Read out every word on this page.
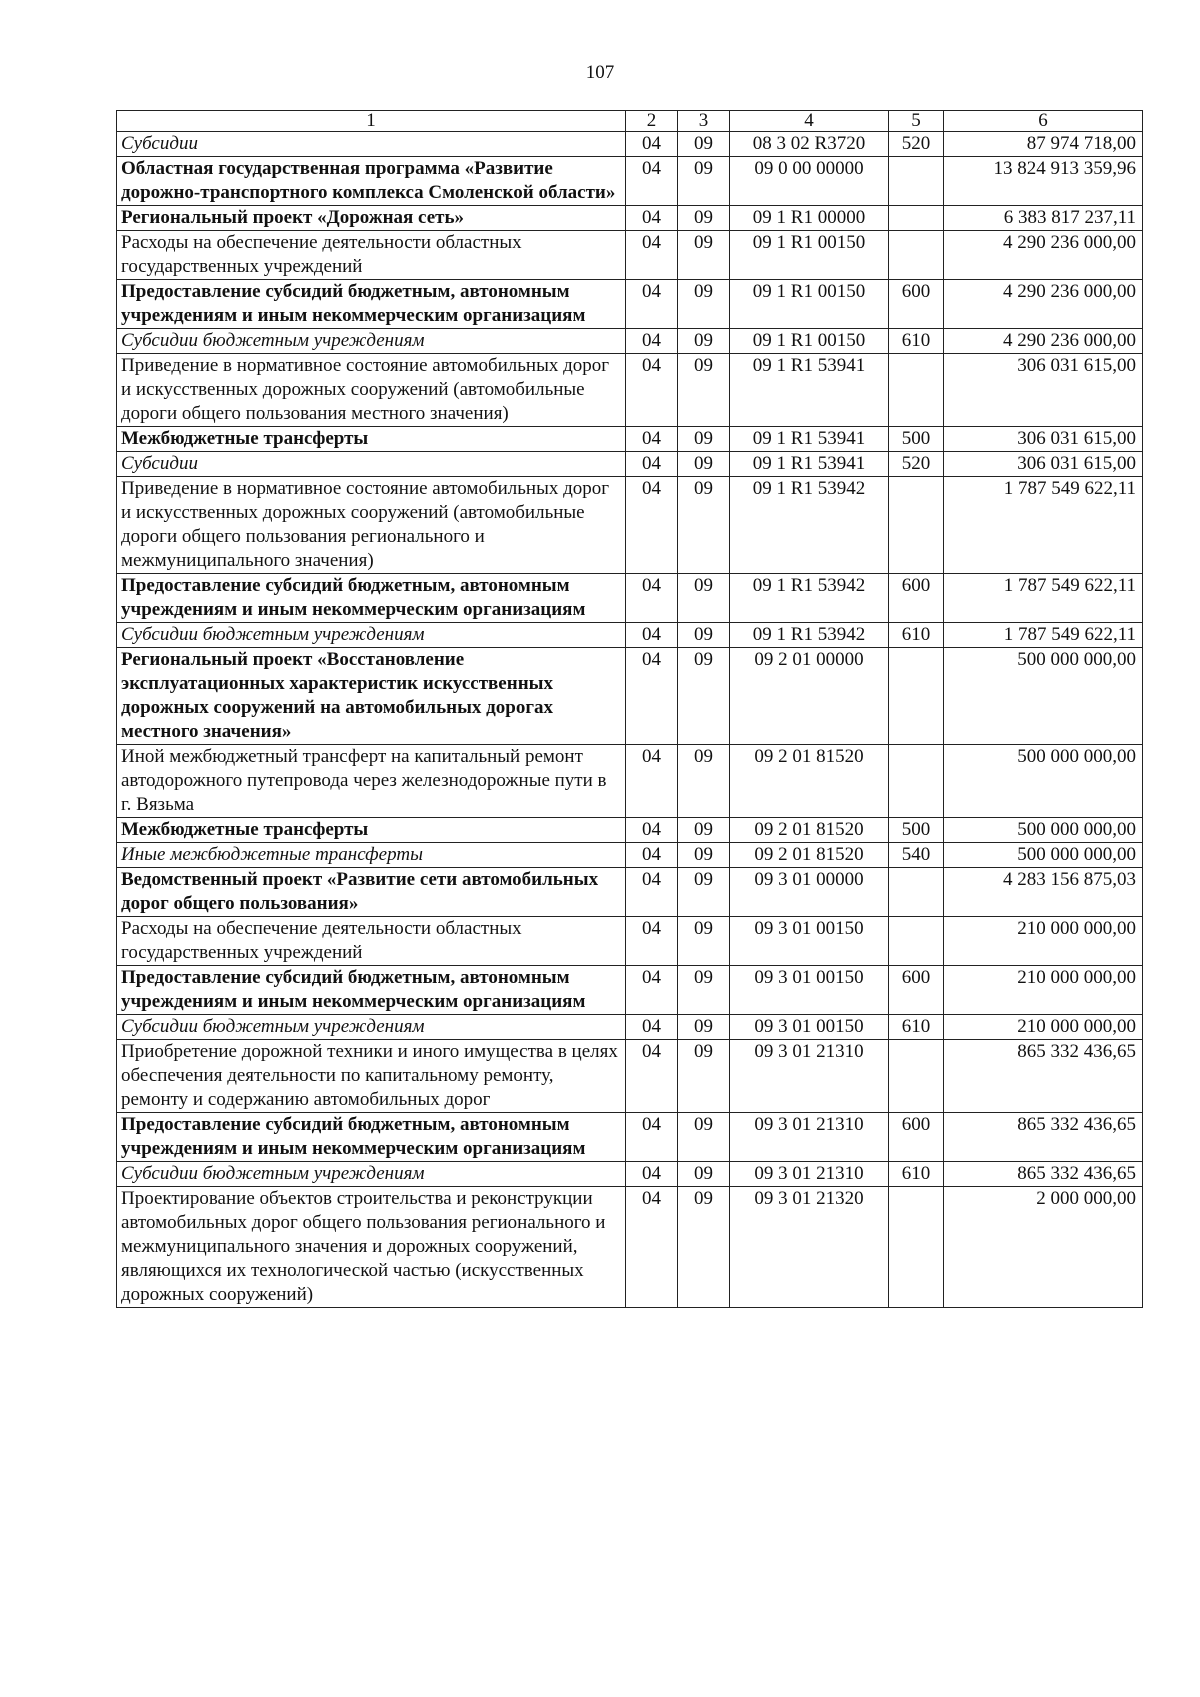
107
1	2	3	4	5	6
Субсидии	04	09	08 3 02 R3720	520	87 974 718,00
Областная государственная программа «Развитие дорожно-транспортного комплекса Смоленской области»	04	09	09 0 00 00000		13 824 913 359,96
Региональный проект «Дорожная сеть»	04	09	09 1 R1 00000		6 383 817 237,11
Расходы на обеспечение деятельности областных государственных учреждений	04	09	09 1 R1 00150		4 290 236 000,00
Предоставление субсидий бюджетным, автономным учреждениям и иным некоммерческим организациям	04	09	09 1 R1 00150	600	4 290 236 000,00
Субсидии бюджетным учреждениям	04	09	09 1 R1 00150	610	4 290 236 000,00
Приведение в нормативное состояние автомобильных дорог и искусственных дорожных сооружений (автомобильные дороги общего пользования местного значения)	04	09	09 1 R1 53941		306 031 615,00
Межбюджетные трансферты	04	09	09 1 R1 53941	500	306 031 615,00
Субсидии	04	09	09 1 R1 53941	520	306 031 615,00
Приведение в нормативное состояние автомобильных дорог и искусственных дорожных сооружений (автомобильные дороги общего пользования регионального и межмуниципального значения)	04	09	09 1 R1 53942		1 787 549 622,11
Предоставление субсидий бюджетным, автономным учреждениям и иным некоммерческим организациям	04	09	09 1 R1 53942	600	1 787 549 622,11
Субсидии бюджетным учреждениям	04	09	09 1 R1 53942	610	1 787 549 622,11
Региональный проект «Восстановление эксплуатационных характеристик искусственных дорожных сооружений на автомобильных дорогах местного значения»	04	09	09 2 01 00000		500 000 000,00
Иной межбюджетный трансферт на капитальный ремонт автодорожного путепровода через железнодорожные пути в г. Вязьма	04	09	09 2 01 81520		500 000 000,00
Межбюджетные трансферты	04	09	09 2 01 81520	500	500 000 000,00
Иные межбюджетные трансферты	04	09	09 2 01 81520	540	500 000 000,00
Ведомственный проект «Развитие сети автомобильных дорог общего пользования»	04	09	09 3 01 00000		4 283 156 875,03
Расходы на обеспечение деятельности областных государственных учреждений	04	09	09 3 01 00150		210 000 000,00
Предоставление субсидий бюджетным, автономным учреждениям и иным некоммерческим организациям	04	09	09 3 01 00150	600	210 000 000,00
Субсидии бюджетным учреждениям	04	09	09 3 01 00150	610	210 000 000,00
Приобретение дорожной техники и иного имущества в целях обеспечения деятельности по капитальному ремонту, ремонту и содержанию автомобильных дорог	04	09	09 3 01 21310		865 332 436,65
Предоставление субсидий бюджетным, автономным учреждениям и иным некоммерческим организациям	04	09	09 3 01 21310	600	865 332 436,65
Субсидии бюджетным учреждениям	04	09	09 3 01 21310	610	865 332 436,65
Проектирование объектов строительства и реконструкции автомобильных дорог общего пользования регионального и межмуниципального значения и дорожных сооружений, являющихся их технологической частью (искусственных дорожных сооружений)	04	09	09 3 01 21320		2 000 000,00
